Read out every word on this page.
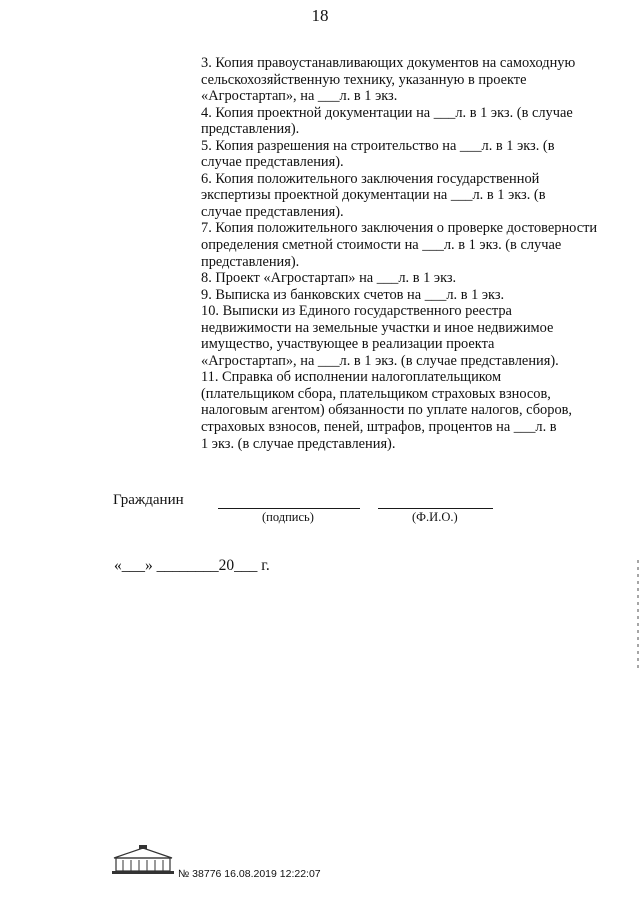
18
3. Копия правоустанавливающих документов на самоходную
сельскохозяйственную технику, указанную в проекте
«Агростартап», на ___л. в 1 экз.
4. Копия проектной документации на ___л. в 1 экз. (в случае
представления).
5. Копия разрешения на строительство на ___л. в 1 экз. (в
случае представления).
6. Копия положительного заключения государственной
экспертизы проектной документации на ___л. в 1 экз. (в
случае представления).
7. Копия положительного заключения о проверке достоверности
определения сметной стоимости на ___л. в 1 экз. (в случае
представления).
8. Проект «Агростартап» на ___л. в 1 экз.
9. Выписка из банковских счетов на ___л. в 1 экз.
10. Выписки из Единого государственного реестра
недвижимости на земельные участки и иное недвижимое
имущество, участвующее в реализации проекта
«Агростартап», на ___л. в 1 экз. (в случае представления).
11. Справка об исполнении налогоплательщиком
(плательщиком сбора, плательщиком страховых взносов,
налоговым агентом) обязанности по уплате налогов, сборов,
страховых взносов, пеней, штрафов, процентов на ___л. в
1 экз. (в случае представления).
Гражданин
(подпись)	(Ф.И.О.)
«___» ________20___ г.
№ 38776 16.08.2019 12:22:07
